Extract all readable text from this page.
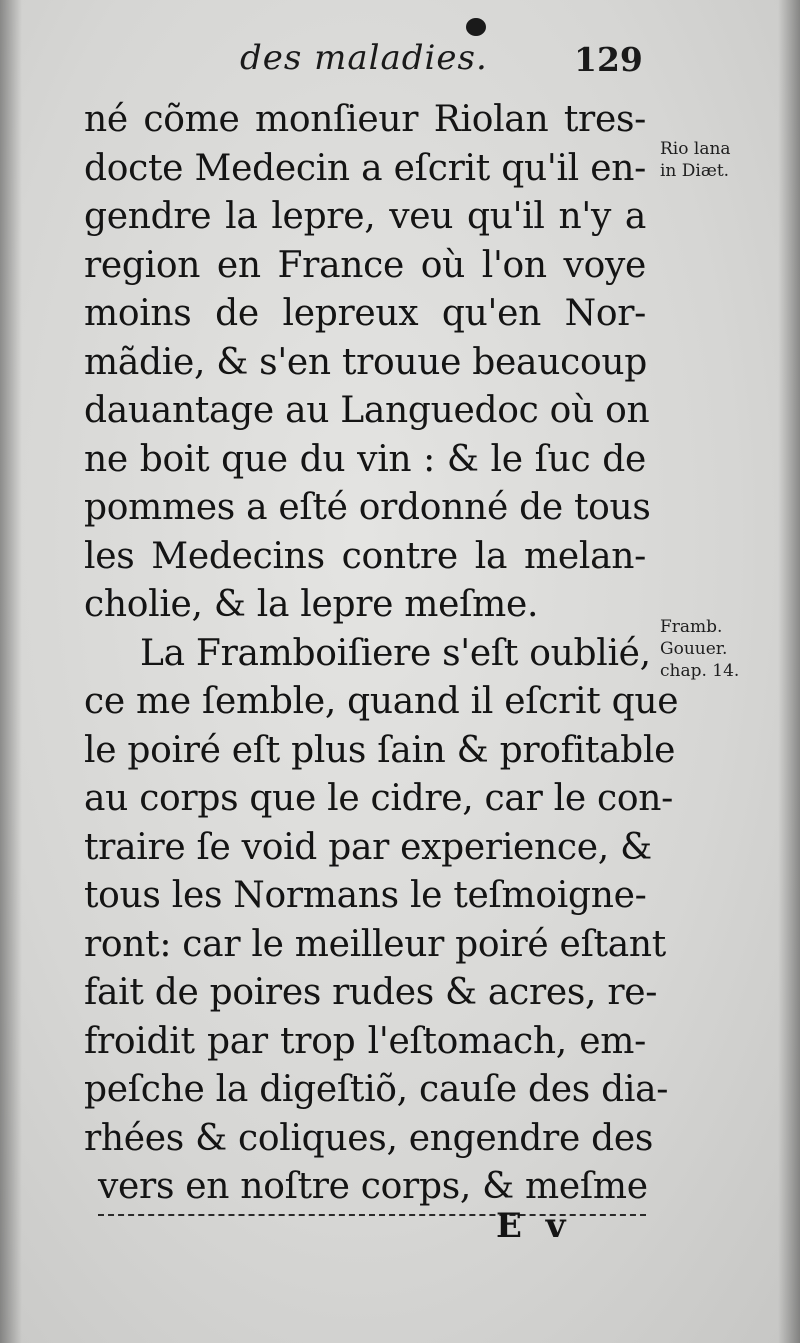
des maladies.	129
né cõme monſieur Riolan tres-
docte Medecin a eſcrit qu'il en-
gendre la lepre, veu qu'il n'y a
region en France où l'on voye
moins de lepreux qu'en Nor-
mãdie, & s'en trouue beaucoup
dauantage au Languedoc où on
ne boit que du vin : & le ſuc de
pommes a eſté ordonné de tous
les Medecins contre la melan-
cholie, & la lepre meſme.
La Framboiſiere s'eſt oublié,
ce me ſemble, quand il eſcrit que
le poiré eſt plus ſain & profitable
au corps que le cidre, car le con-
traire ſe void par experience, &
tous les Normans le teſmoigne-
ront: car le meilleur poiré eſtant
fait de poires rudes & acres, re-
froidit par trop l'eſtomach, em-
peſche la digeſtiõ, cauſe des dia-
rhées & coliques, engendre des
vers en noſtre corps, & meſme
Rio lana
in Diæt.
Framb.
Gouuer.
chap. 14.
E v
